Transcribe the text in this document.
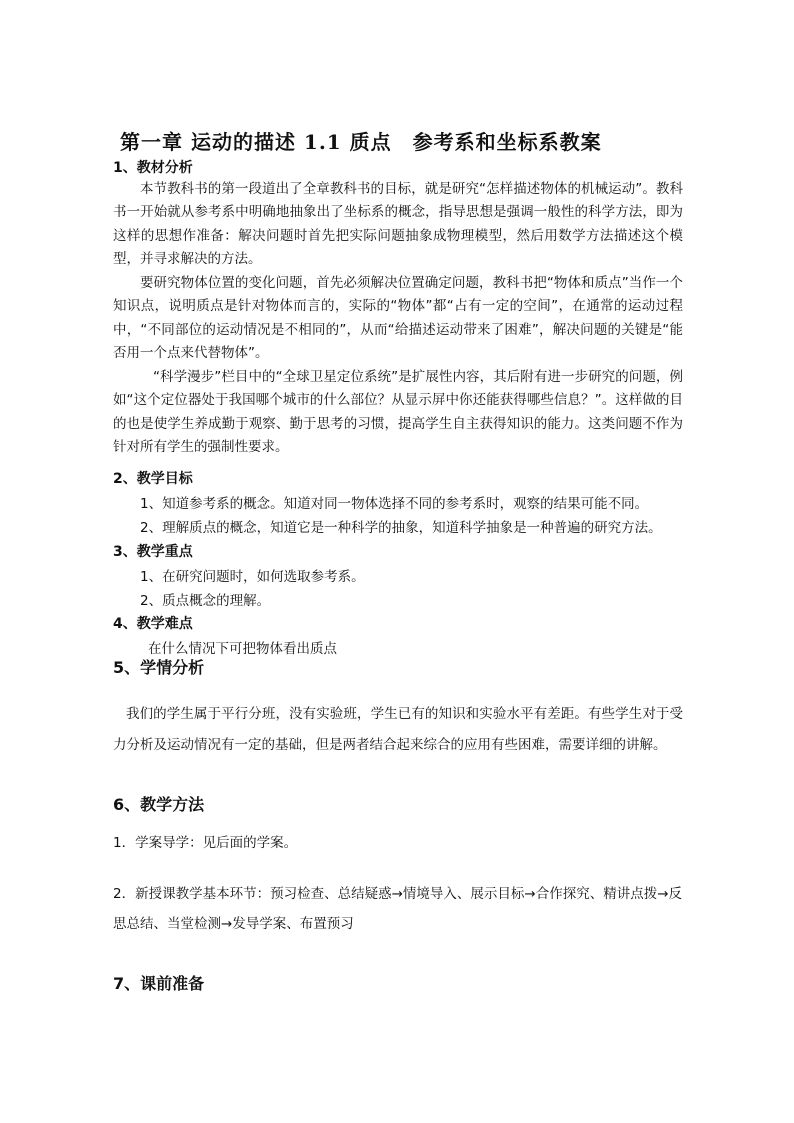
第一章 运动的描述 1.1 质点　参考系和坐标系教案
1、教材分析
本节教科书的第一段道出了全章教科书的目标，就是研究“怎样描述物体的机械运动”。教科书一开始就从参考系中明确地抽象出了坐标系的概念，指导思想是强调一般性的科学方法，即为这样的思想作准备：解决问题时首先把实际问题抽象成物理模型，然后用数学方法描述这个模型，并寻求解决的方法。
要研究物体位置的变化问题，首先必须解决位置确定问题，教科书把“物体和质点”当作一个知识点，说明质点是针对物体而言的，实际的“物体”都“占有一定的空间”，在通常的运动过程中，“不同部位的运动情况是不相同的”，从而“给描述运动带来了困难”，解决问题的关键是“能否用一个点来代替物体”。
“科学漫步”栏目中的“全球卫星定位系统”是扩展性内容，其后附有进一步研究的问题，例如“这个定位器处于我国哪个城市的什么部位？从显示屏中你还能获得哪些信息？”。这样做的目的也是使学生养成勤于观察、勤于思考的习惯，提高学生自主获得知识的能力。这类问题不作为针对所有学生的强制性要求。
2、教学目标
1、知道参考系的概念。知道对同一物体选择不同的参考系时，观察的结果可能不同。
2、理解质点的概念，知道它是一种科学的抽象，知道科学抽象是一种普遍的研究方法。
3、教学重点
1、在研究问题时，如何选取参考系。
2、质点概念的理解。
4、教学难点
在什么情况下可把物体看出质点
5、学情分析
我们的学生属于平行分班，没有实验班，学生已有的知识和实验水平有差距。有些学生对于受力分析及运动情况有一定的基础，但是两者结合起来综合的应用有些困难，需要详细的讲解。
6、教学方法
1．学案导学：见后面的学案。
2．新授课教学基本环节：预习检查、总结疑惑→情境导入、展示目标→合作探究、精讲点拨→反思总结、当堂检测→发导学案、布置预习
7、课前准备
